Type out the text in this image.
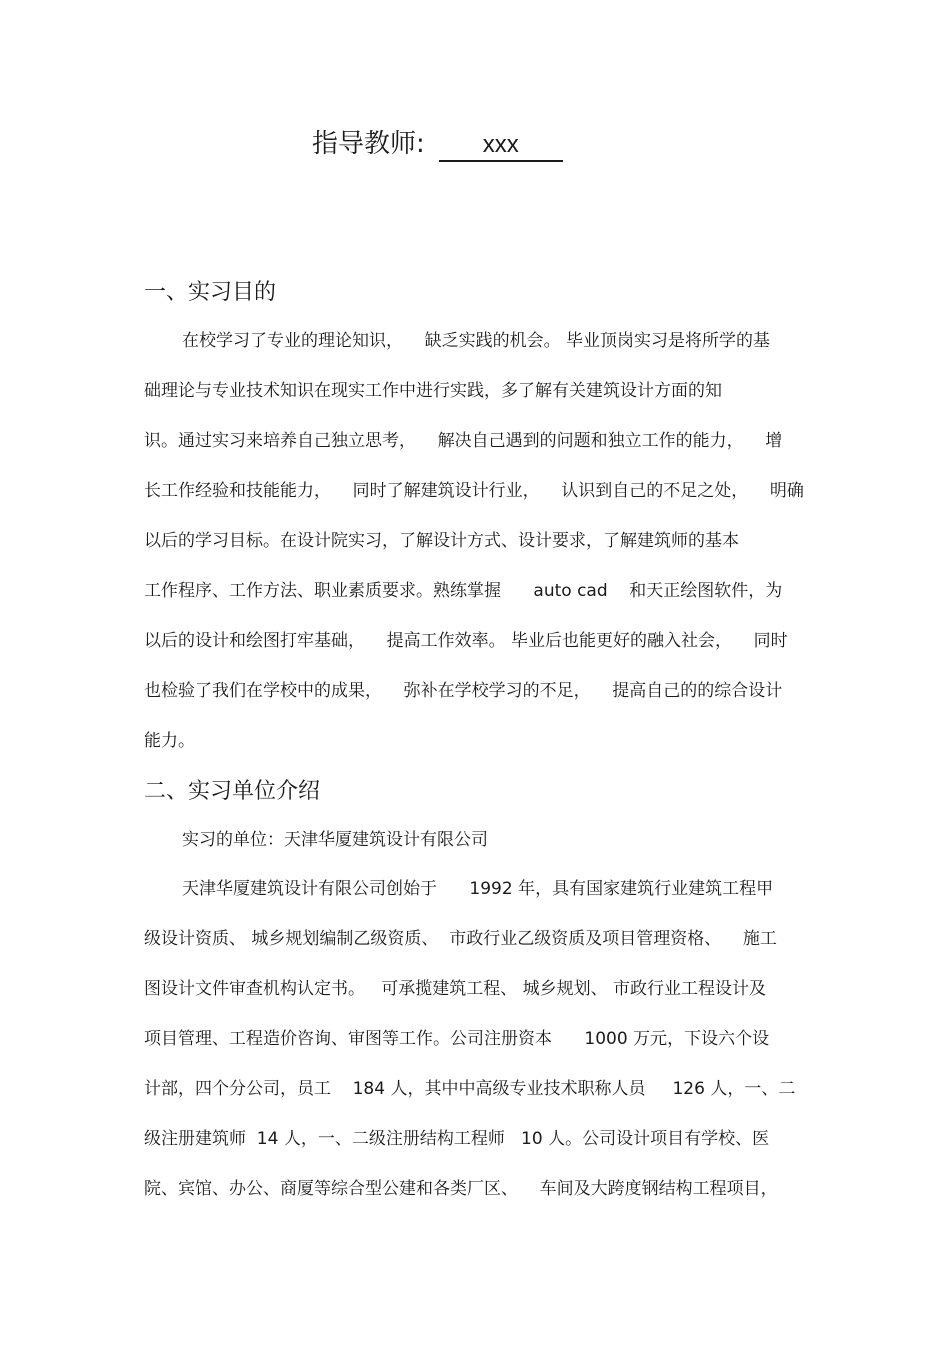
指导教师: xxx
一、实习目的
在校学习了专业的理论知识，    缺乏实践的机会。 毕业顶岗实习是将所学的基
础理论与专业技术知识在现实工作中进行实践，多了解有关建筑设计方面的知
识。通过实习来培养自己独立思考，    解决自己遇到的问题和独立工作的能力，    增
长工作经验和技能能力，    同时了解建筑设计行业，    认识到自己的不足之处，    明确
以后的学习目标。在设计院实习，了解设计方式、设计要求，了解建筑师的基本
工作程序、工作方法、职业素质要求。熟练掌握      auto cad    和天正绘图软件，为
以后的设计和绘图打牢基础，    提高工作效率。 毕业后也能更好的融入社会，    同时
也检验了我们在学校中的成果，    弥补在学校学习的不足，    提高自己的的综合设计
能力。
二、实习单位介绍
实习的单位：天津华厦建筑设计有限公司
天津华厦建筑设计有限公司创始于      1992 年，具有国家建筑行业建筑工程甲
级设计资质、 城乡规划编制乙级资质、  市政行业乙级资质及项目管理资格、    施工
图设计文件审查机构认定书。   可承揽建筑工程、 城乡规划、 市政行业工程设计及
项目管理、工程造价咨询、审图等工作。公司注册资本      1000 万元，下设六个设
计部，四个分公司，员工    184 人，其中中高级专业技术职称人员     126 人，一、二
级注册建筑师  14 人，一、二级注册结构工程师   10 人。公司设计项目有学校、医
院、宾馆、办公、商厦等综合型公建和各类厂区、    车间及大跨度钢结构工程项目，
